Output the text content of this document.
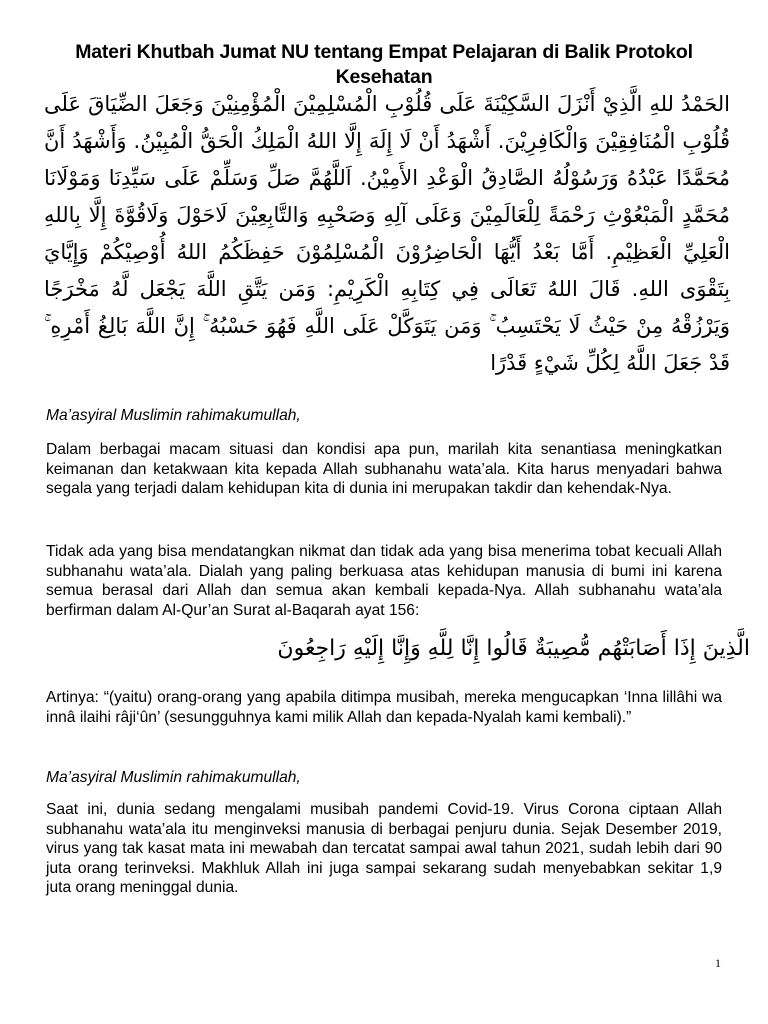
Materi Khutbah Jumat NU tentang Empat Pelajaran di Balik Protokol Kesehatan
الحَمْدُ للهِ الَّذِيْ أَنْزَلَ السَّكِيْنَةَ عَلَى قُلُوْبِ الْمُسْلِمِيْنَ الْمُؤْمِنِيْنَ وَجَعَلَ الضِّيَاقَ عَلَى قُلُوْبِ الْمُنَافِقِيْنَ وَالْكَافِرِيْنَ. أَشْهَدُ أَنْ لَا إِلَهَ إِلَّا اللهُ الْمَلِكُ الْحَقُّ الْمُبِيْنُ. وَأَشْهَدُ أَنَّ مُحَمَّدًا عَبْدُهُ وَرَسُوْلُهُ الصَّادِقُ الْوَعْدِ الأَمِيْنُ. اَللَّهُمَّ صَلِّ وَسَلِّمْ عَلَى سَيِّدِنَا وَمَوْلَانَا مُحَمَّدٍ الْمَبْعُوْثِ رَحْمَةً لِلْعَالَمِيْنَ وَعَلَى آلِهِ وَصَحْبِهِ وَالتَّابِعِيْنَ لَاحَوْلَ وَلَاقُوَّةَ إِلَّا بِاللهِ الْعَلِيِّ الْعَظِيْمِ. أَمَّا بَعْدُ أَيُّهَا الْحَاضِرُوْنَ الْمُسْلِمُوْنَ حَفِظَكُمُ اللهُ أُوْصِيْكُمْ وَإِيَّايَ بِتَقْوَى اللهِ. قَالَ اللهُ تَعَالَى فِي كِتَابِهِ الْكَرِيْمِ: وَمَن يَتَّقِ اللَّهَ يَجْعَل لَّهُ مَخْرَجًا وَيَرْزُقْهُ مِنْ حَيْثُ لَا يَحْتَسِبُ ۚ وَمَن يَتَوَكَّلْ عَلَى اللَّهِ فَهُوَ حَسْبُهُ ۚ إِنَّ اللَّهَ بَالِغُ أَمْرِهِ ۚ قَدْ جَعَلَ اللَّهُ لِكُلِّ شَيْءٍ قَدْرًا
Ma’asyiral Muslimin rahimakumullah,
Dalam berbagai macam situasi dan kondisi apa pun, marilah kita senantiasa meningkatkan keimanan dan ketakwaan kita kepada Allah subhanahu wata’ala. Kita harus menyadari bahwa segala yang terjadi dalam kehidupan kita di dunia ini merupakan takdir dan kehendak-Nya.
Tidak ada yang bisa mendatangkan nikmat dan tidak ada yang bisa menerima tobat kecuali Allah subhanahu wata’ala. Dialah yang paling berkuasa atas kehidupan manusia di bumi ini karena semua berasal dari Allah dan semua akan kembali kepada-Nya. Allah subhanahu wata’ala berfirman dalam Al-Qur’an Surat al-Baqarah ayat 156:
الَّذِينَ إِذَا أَصَابَتْهُم مُّصِيبَةٌ قَالُوا إِنَّا لِلَّهِ وَإِنَّا إِلَيْهِ رَاجِعُونَ
Artinya: “(yaitu) orang-orang yang apabila ditimpa musibah, mereka mengucapkan ‘Inna lillâhi wa innâ ilaihi râji‘ûn’ (sesungguhnya kami milik Allah dan kepada-Nyalah kami kembali).”
Ma’asyiral Muslimin rahimakumullah,
Saat ini, dunia sedang mengalami musibah pandemi Covid-19. Virus Corona ciptaan Allah subhanahu wata’ala itu menginveksi manusia di berbagai penjuru dunia. Sejak Desember 2019, virus yang tak kasat mata ini mewabah dan tercatat sampai awal tahun 2021, sudah lebih dari 90 juta orang terinveksi. Makhluk Allah ini juga sampai sekarang sudah menyebabkan sekitar 1,9 juta orang meninggal dunia.
1
